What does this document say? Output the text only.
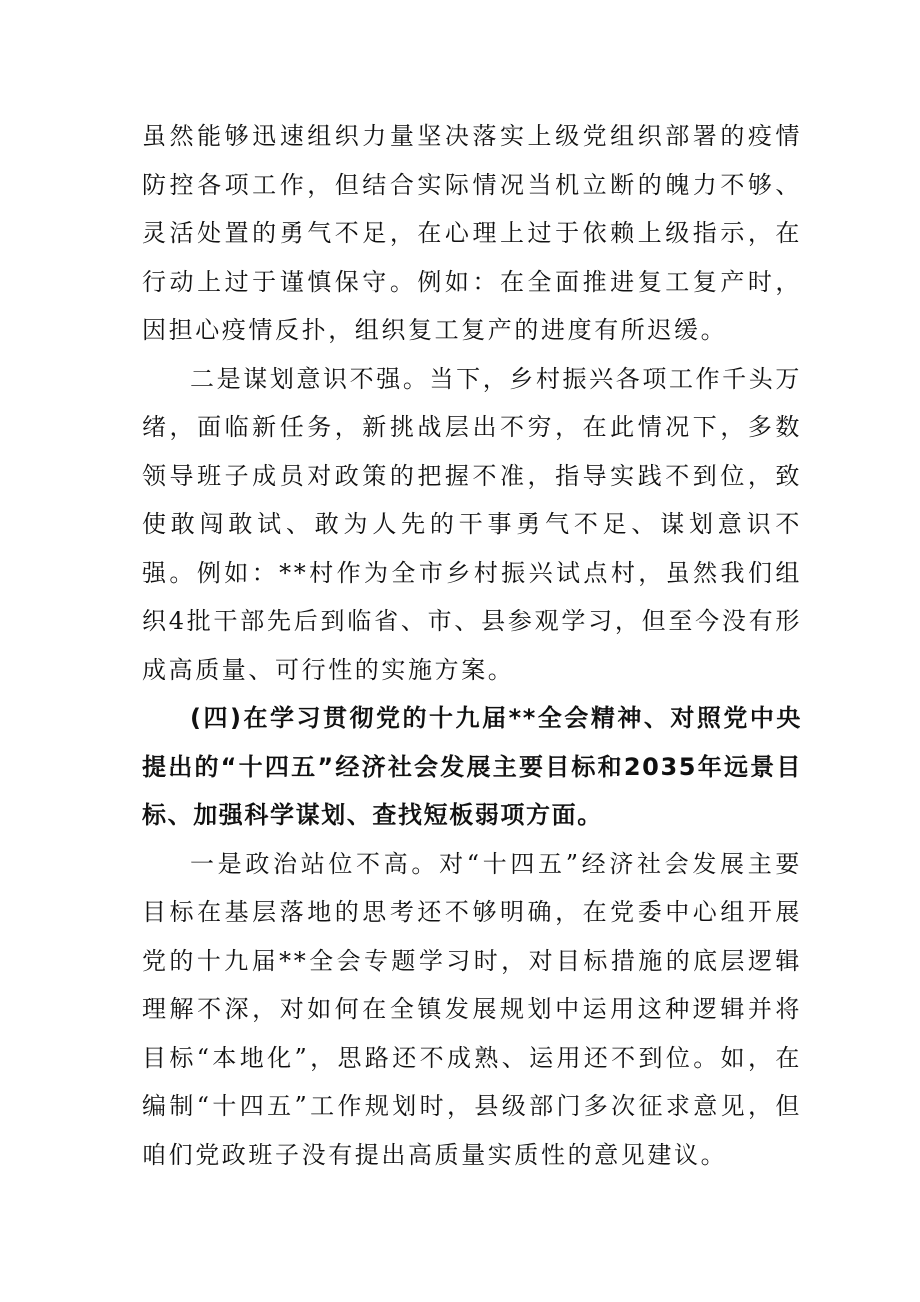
虽然能够迅速组织力量坚决落实上级党组织部署的疫情防控各项工作，但结合实际情况当机立断的魄力不够、灵活处置的勇气不足，在心理上过于依赖上级指示，在行动上过于谨慎保守。例如：在全面推进复工复产时，因担心疫情反扑，组织复工复产的进度有所迟缓。

二是谋划意识不强。当下，乡村振兴各项工作千头万绪，面临新任务，新挑战层出不穷，在此情况下，多数领导班子成员对政策的把握不准，指导实践不到位，致使敢闯敢试、敢为人先的干事勇气不足、谋划意识不强。例如：**村作为全市乡村振兴试点村，虽然我们组织4批干部先后到临省、市、县参观学习，但至今没有形成高质量、可行性的实施方案。

(四)在学习贯彻党的十九届**全会精神、对照党中央提出的“十四五”经济社会发展主要目标和2035年远景目标、加强科学谋划、查找短板弱项方面。

一是政治站位不高。对“十四五”经济社会发展主要目标在基层落地的思考还不够明确，在党委中心组开展党的十九届**全会专题学习时，对目标措施的底层逻辑理解不深，对如何在全镇发展规划中运用这种逻辑并将目标“本地化”，思路还不成熟、运用还不到位。如，在编制“十四五”工作规划时，县级部门多次征求意见，但咱们党政班子没有提出高质量实质性的意见建议。
